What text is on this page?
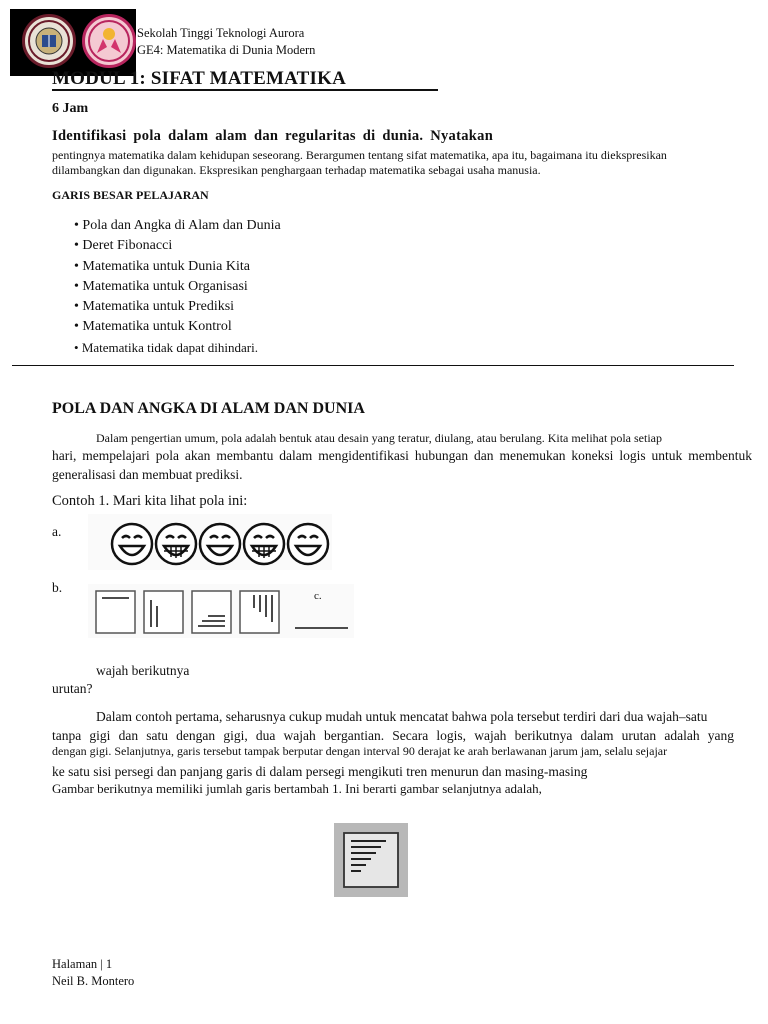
Sekolah Tinggi Teknologi Aurora
GE4: Matematika di Dunia Modern
MODUL 1: SIFAT MATEMATIKA
6 Jam
Identifikasi pola dalam alam dan regularitas di dunia. Nyatakan
pentingnya matematika dalam kehidupan seseorang. Berargumen tentang sifat matematika, apa itu, bagaimana itu diekspresikan
dilambangkan dan digunakan. Ekspresikan penghargaan terhadap matematika sebagai usaha manusia.
GARIS BESAR PELAJARAN
• Pola dan Angka di Alam dan Dunia
• Deret Fibonacci
• Matematika untuk Dunia Kita
• Matematika untuk Organisasi
• Matematika untuk Prediksi
• Matematika untuk Kontrol
• Matematika tidak dapat dihindari.
POLA DAN ANGKA DI ALAM DAN DUNIA
Dalam pengertian umum, pola adalah bentuk atau desain yang teratur, diulang, atau berulang. Kita melihat pola setiap
hari, mempelajari pola akan membantu dalam mengidentifikasi hubungan dan menemukan koneksi logis untuk membentuk
generalisasi dan membuat prediksi.
Contoh 1. Mari kita lihat pola ini:
a.
b.
c.
wajah berikutnya
urutan?
Dalam contoh pertama, seharusnya cukup mudah untuk mencatat bahwa pola tersebut terdiri dari dua wajah–satu
tanpa gigi dan satu dengan gigi, dua wajah bergantian. Secara logis, wajah berikutnya dalam urutan adalah yang
dengan gigi. Selanjutnya, garis tersebut tampak berputar dengan interval 90 derajat ke arah berlawanan jarum jam, selalu sejajar
ke satu sisi persegi dan panjang garis di dalam persegi mengikuti tren menurun dan masing-masing
Gambar berikutnya memiliki jumlah garis bertambah 1. Ini berarti gambar selanjutnya adalah,
Halaman | 1
Neil B. Montero
